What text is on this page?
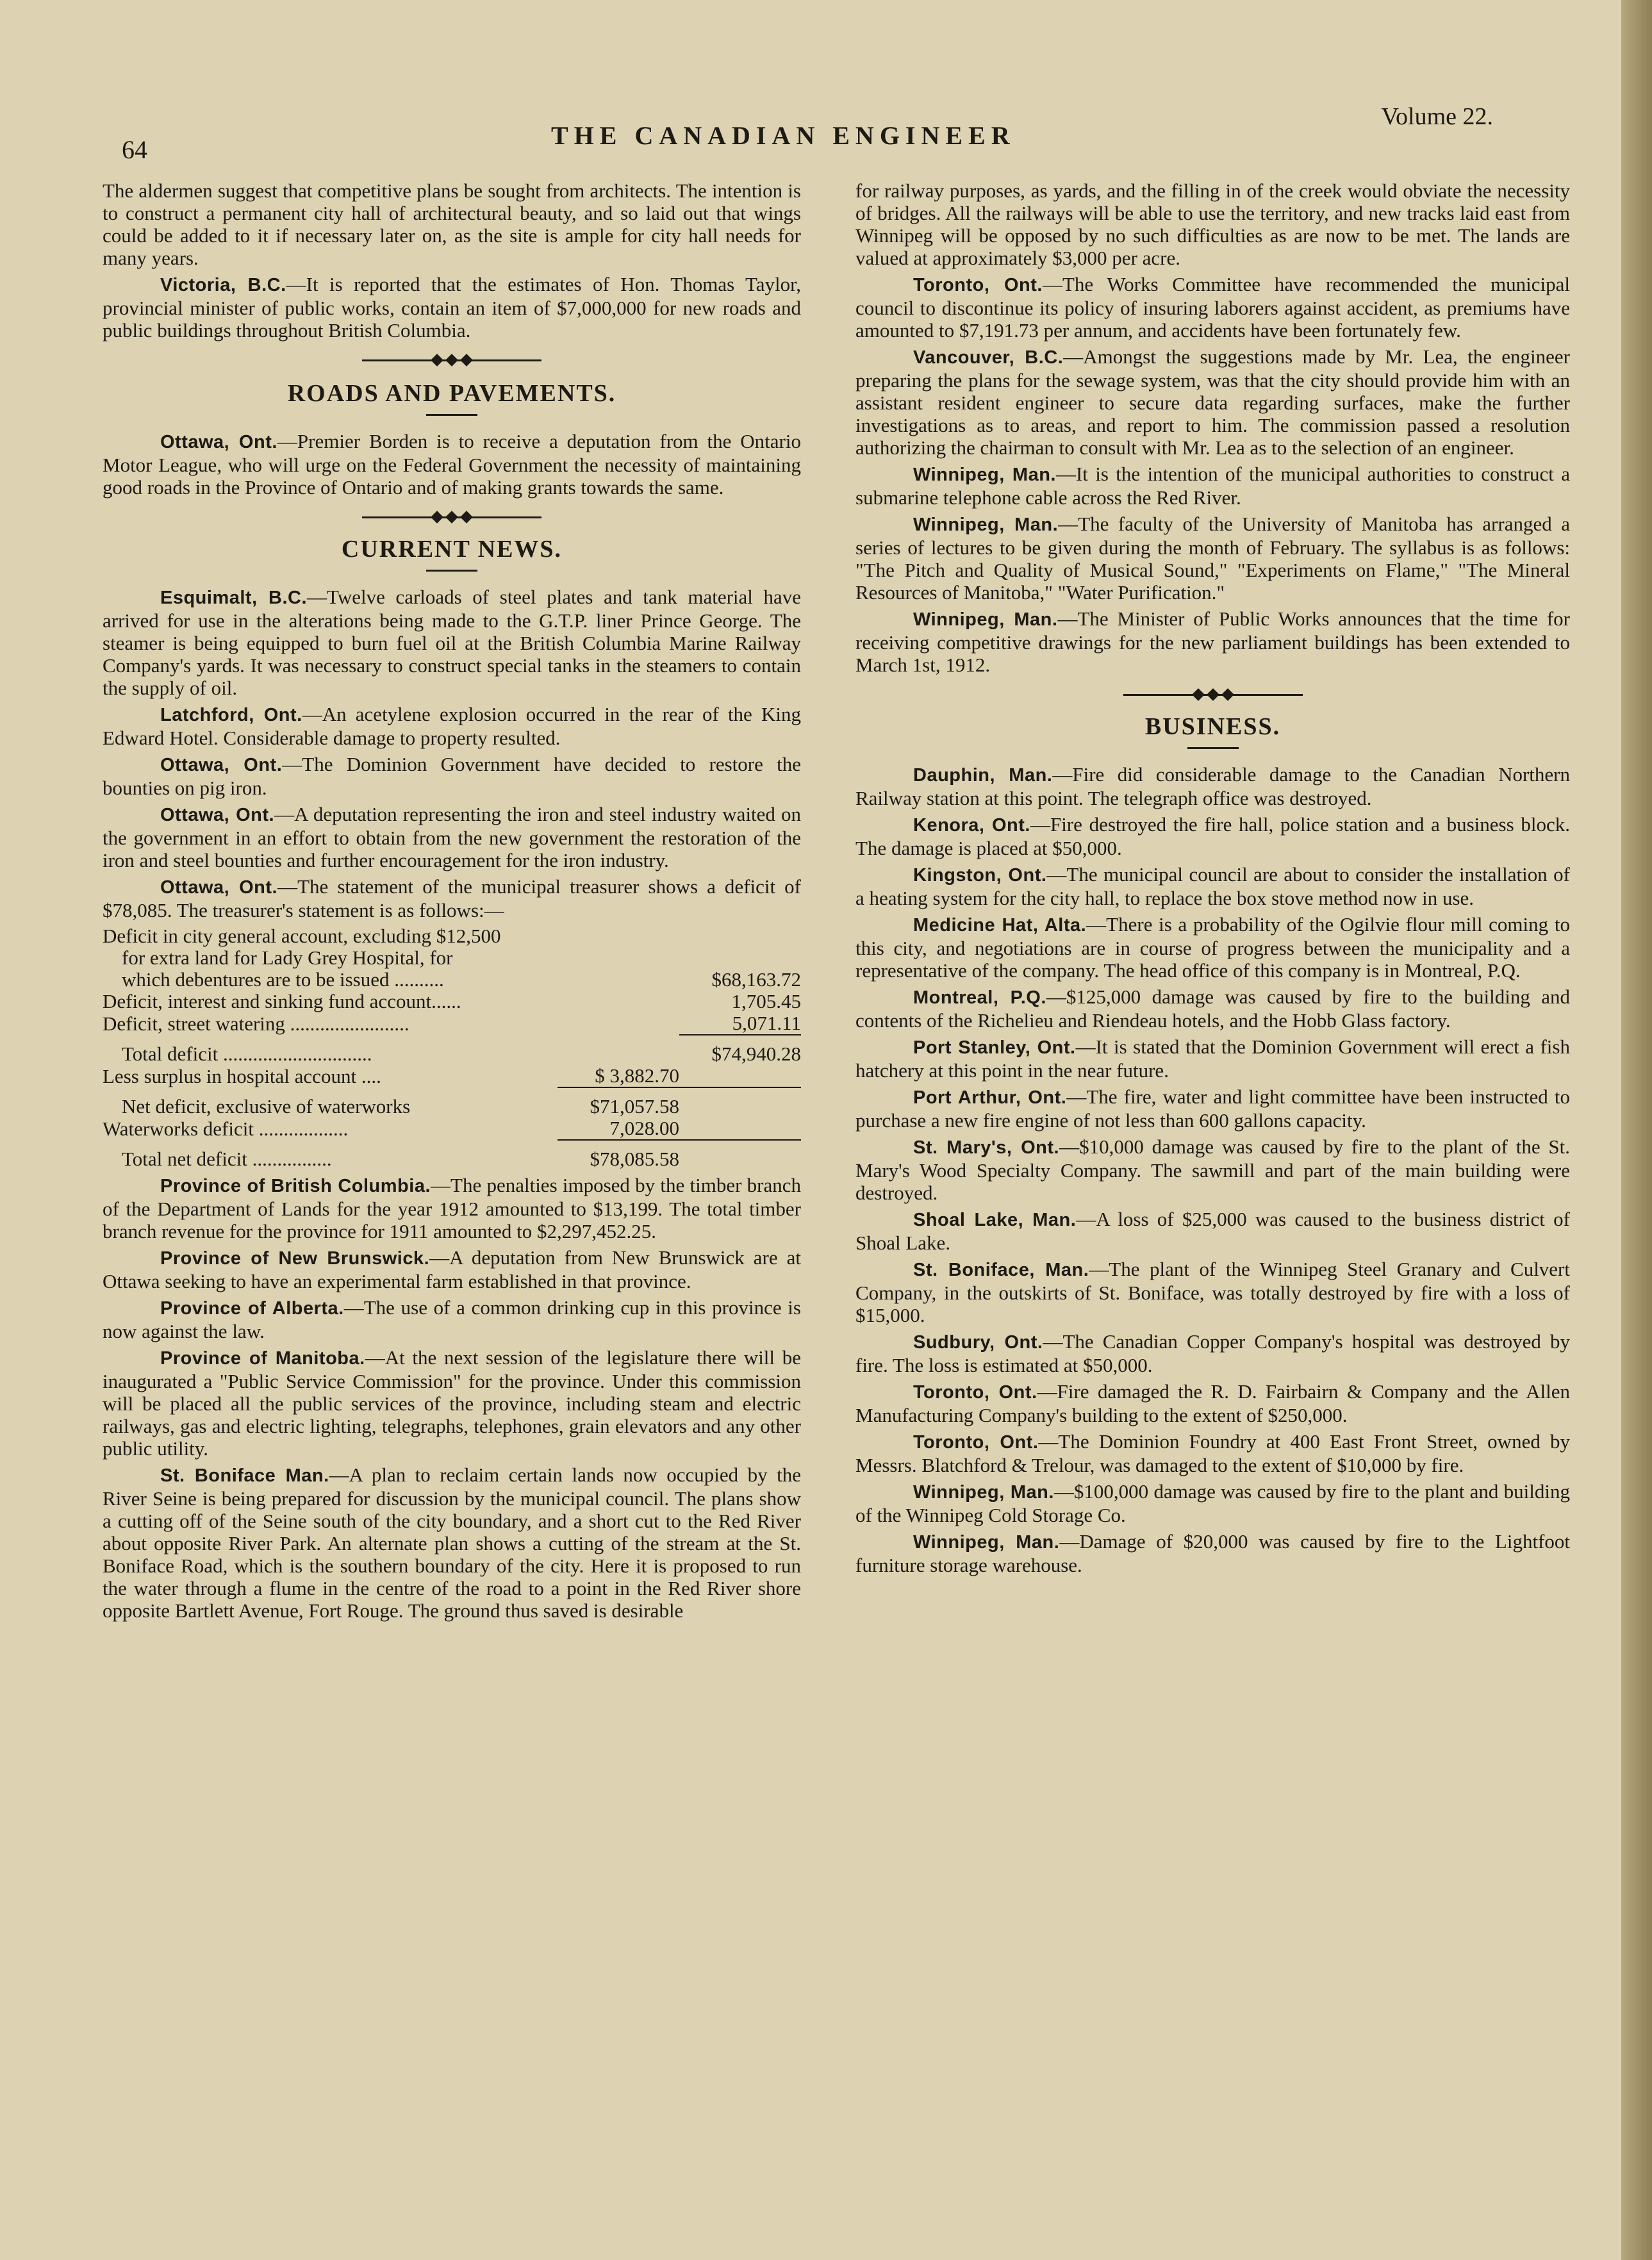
64	THE CANADIAN ENGINEER
Volume 22.

The aldermen suggest that competitive plans be sought from architects. The intention is to construct a permanent city hall of architectural beauty, and so laid out that wings could be added to it if necessary later on, as the site is ample for city hall needs for many years.

Victoria, B.C.—It is reported that the estimates of Hon. Thomas Taylor, provincial minister of public works, contain an item of $7,000,000 for new roads and public buildings throughout British Columbia.

ROADS AND PAVEMENTS.

Ottawa, Ont.—Premier Borden is to receive a deputation from the Ontario Motor League, who will urge on the Federal Government the necessity of maintaining good roads in the Province of Ontario and of making grants towards the same.

CURRENT NEWS.

Esquimalt, B.C.—Twelve carloads of steel plates and tank material have arrived for use in the alterations being made to the G.T.P. liner Prince George. The steamer is being equipped to burn fuel oil at the British Columbia Marine Railway Company's yards. It was necessary to construct special tanks in the steamers to contain the supply of oil.

Latchford, Ont.—An acetylene explosion occurred in the rear of the King Edward Hotel. Considerable damage to property resulted.

Ottawa, Ont.—The Dominion Government have decided to restore the bounties on pig iron.

Ottawa, Ont.—A deputation representing the iron and steel industry waited on the government in an effort to obtain from the new government the restoration of the iron and steel bounties and further encouragement for the iron industry.

Ottawa, Ont.—The statement of the municipal treasurer shows a deficit of $78,085. The treasurer's statement is as follows:—

Deficit in city general account, excluding $12,500		
for extra land for Lady Grey Hospital, for		
which debentures are to be issued ..........		$68,163.72
Deficit, interest and sinking fund account......		1,705.45
Deficit, street watering ........................		5,071.11
Total deficit ..............................		$74,940.28
Less surplus in hospital account ....	$ 3,882.70	
Net deficit, exclusive of waterworks	$71,057.58	
Waterworks deficit ..................	7,028.00	
Total net deficit ................	$78,085.58	

Province of British Columbia.—The penalties imposed by the timber branch of the Department of Lands for the year 1912 amounted to $13,199. The total timber branch revenue for the province for 1911 amounted to $2,297,452.25.

Province of New Brunswick.—A deputation from New Brunswick are at Ottawa seeking to have an experimental farm established in that province.

Province of Alberta.—The use of a common drinking cup in this province is now against the law.

Province of Manitoba.—At the next session of the legislature there will be inaugurated a "Public Service Commission" for the province. Under this commission will be placed all the public services of the province, including steam and electric railways, gas and electric lighting, telegraphs, telephones, grain elevators and any other public utility.

St. Boniface Man.—A plan to reclaim certain lands now occupied by the River Seine is being prepared for discussion by the municipal council. The plans show a cutting off of the Seine south of the city boundary, and a short cut to the Red River about opposite River Park. An alternate plan shows a cutting of the stream at the St. Boniface Road, which is the southern boundary of the city. Here it is proposed to run the water through a flume in the centre of the road to a point in the Red River shore opposite Bartlett Avenue, Fort Rouge. The ground thus saved is desirable

for railway purposes, as yards, and the filling in of the creek would obviate the necessity of bridges. All the railways will be able to use the territory, and new tracks laid east from Winnipeg will be opposed by no such difficulties as are now to be met. The lands are valued at approximately $3,000 per acre.

Toronto, Ont.—The Works Committee have recommended the municipal council to discontinue its policy of insuring laborers against accident, as premiums have amounted to $7,191.73 per annum, and accidents have been fortunately few.

Vancouver, B.C.—Amongst the suggestions made by Mr. Lea, the engineer preparing the plans for the sewage system, was that the city should provide him with an assistant resident engineer to secure data regarding surfaces, make the further investigations as to areas, and report to him. The commission passed a resolution authorizing the chairman to consult with Mr. Lea as to the selection of an engineer.

Winnipeg, Man.—It is the intention of the municipal authorities to construct a submarine telephone cable across the Red River.

Winnipeg, Man.—The faculty of the University of Manitoba has arranged a series of lectures to be given during the month of February. The syllabus is as follows: "The Pitch and Quality of Musical Sound," "Experiments on Flame," "The Mineral Resources of Manitoba," "Water Purification."

Winnipeg, Man.—The Minister of Public Works announces that the time for receiving competitive drawings for the new parliament buildings has been extended to March 1st, 1912.

BUSINESS.

Dauphin, Man.—Fire did considerable damage to the Canadian Northern Railway station at this point. The telegraph office was destroyed.

Kenora, Ont.—Fire destroyed the fire hall, police station and a business block. The damage is placed at $50,000.

Kingston, Ont.—The municipal council are about to consider the installation of a heating system for the city hall, to replace the box stove method now in use.

Medicine Hat, Alta.—There is a probability of the Ogilvie flour mill coming to this city, and negotiations are in course of progress between the municipality and a representative of the company. The head office of this company is in Montreal, P.Q.

Montreal, P.Q.—$125,000 damage was caused by fire to the building and contents of the Richelieu and Riendeau hotels, and the Hobb Glass factory.

Port Stanley, Ont.—It is stated that the Dominion Government will erect a fish hatchery at this point in the near future.

Port Arthur, Ont.—The fire, water and light committee have been instructed to purchase a new fire engine of not less than 600 gallons capacity.

St. Mary's, Ont.—$10,000 damage was caused by fire to the plant of the St. Mary's Wood Specialty Company. The sawmill and part of the main building were destroyed.

Shoal Lake, Man.—A loss of $25,000 was caused to the business district of Shoal Lake.

St. Boniface, Man.—The plant of the Winnipeg Steel Granary and Culvert Company, in the outskirts of St. Boniface, was totally destroyed by fire with a loss of $15,000.

Sudbury, Ont.—The Canadian Copper Company's hospital was destroyed by fire. The loss is estimated at $50,000.

Toronto, Ont.—Fire damaged the R. D. Fairbairn & Company and the Allen Manufacturing Company's building to the extent of $250,000.

Toronto, Ont.—The Dominion Foundry at 400 East Front Street, owned by Messrs. Blatchford & Trelour, was damaged to the extent of $10,000 by fire.

Winnipeg, Man.—$100,000 damage was caused by fire to the plant and building of the Winnipeg Cold Storage Co.

Winnipeg, Man.—Damage of $20,000 was caused by fire to the Lightfoot furniture storage warehouse.
